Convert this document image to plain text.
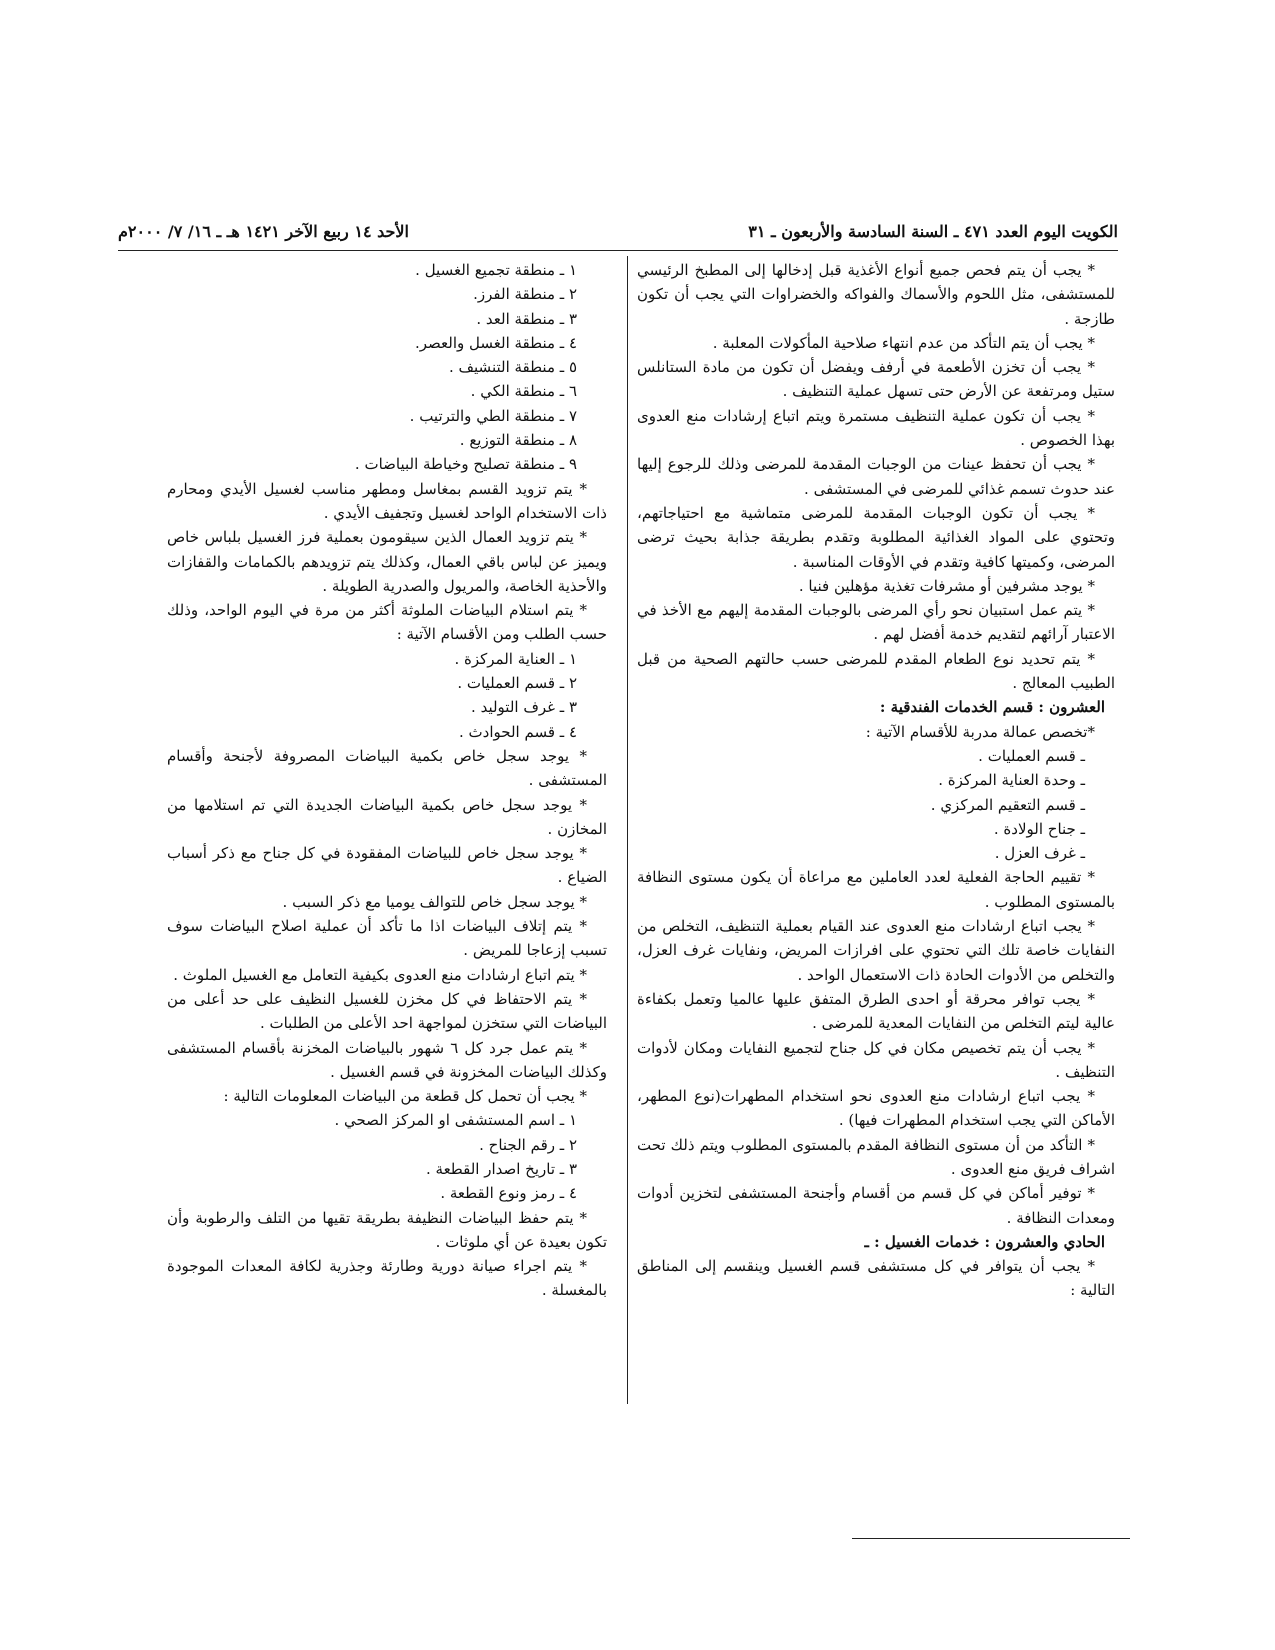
الكويت اليوم العدد ٤٧١ ـ السنة السادسة والأربعون ـ ٣١
الأحد ١٤ ربيع الآخر ١٤٢١ هـ ـ ١٦/ ٧/ ٢٠٠٠م

* يجب أن يتم فحص جميع أنواع الأغذية قبل إدخالها إلى المطبخ الرئيسي للمستشفى، مثل اللحوم والأسماك والفواكه والخضراوات التي يجب أن تكون طازجة .

* يجب أن يتم التأكد من عدم انتهاء صلاحية المأكولات المعلبة .

* يجب أن تخزن الأطعمة في أرفف ويفضل أن تكون من مادة الستانلس ستيل ومرتفعة عن الأرض حتى تسهل عملية التنظيف .

* يجب أن تكون عملية التنظيف مستمرة ويتم اتباع إرشادات منع العدوى بهذا الخصوص .

* يجب أن تحفظ عينات من الوجبات المقدمة للمرضى وذلك للرجوع إليها عند حدوث تسمم غذائي للمرضى في المستشفى .

* يجب أن تكون الوجبات المقدمة للمرضى متماشية مع احتياجاتهم، وتحتوي على المواد الغذائية المطلوبة وتقدم بطريقة جذابة بحيث ترضى المرضى، وكميتها كافية وتقدم في الأوقات المناسبة .

* يوجد مشرفين أو مشرفات تغذية مؤهلين فنيا .

* يتم عمل استبيان نحو رأي المرضى بالوجبات المقدمة إليهم مع الأخذ في الاعتبار آرائهم لتقديم خدمة أفضل لهم .

* يتم تحديد نوع الطعام المقدم للمرضى حسب حالتهم الصحية من قبل الطبيب المعالج .

العشرون : قسم الخدمات الفندقية :

*تخصص عمالة مدربة للأقسام الآتية :

ـ قسم العمليات .

ـ وحدة العناية المركزة .

ـ قسم التعقيم المركزي .

ـ جناح الولادة .

ـ غرف العزل .

* تقييم الحاجة الفعلية لعدد العاملين مع مراعاة أن يكون مستوى النظافة بالمستوى المطلوب .

* يجب اتباع ارشادات منع العدوى عند القيام بعملية التنظيف، التخلص من النفايات خاصة تلك التي تحتوي على افرازات المريض، ونفايات غرف العزل، والتخلص من الأدوات الحادة ذات الاستعمال الواحد .

* يجب توافر محرقة أو احدى الطرق المتفق عليها عالميا وتعمل بكفاءة عالية ليتم التخلص من النفايات المعدية للمرضى .

* يجب أن يتم تخصيص مكان في كل جناح لتجميع النفايات ومكان لأدوات التنظيف .

* يجب اتباع ارشادات منع العدوى نحو استخدام المطهرات(نوع المطهر، الأماكن التي يجب استخدام المطهرات فيها) .

* التأكد من أن مستوى النظافة المقدم بالمستوى المطلوب ويتم ذلك تحت اشراف فريق منع العدوى .

* توفير أماكن في كل قسم من أقسام وأجنحة المستشفى لتخزين أدوات ومعدات النظافة .

الحادي والعشرون : خدمات الغسيل : ـ

* يجب أن يتوافر في كل مستشفى قسم الغسيل وينقسم إلى المناطق التالية :

١ ـ منطقة تجميع الغسيل .

٢ ـ منطقة الفرز.

٣ ـ منطقة العد .

٤ ـ منطقة الغسل والعصر.

٥ ـ منطقة التنشيف .

٦ ـ منطقة الكي .

٧ ـ منطقة الطي والترتيب .

٨ ـ منطقة التوزيع .

٩ ـ منطقة تصليح وخياطة البياضات .

* يتم تزويد القسم بمغاسل ومطهر مناسب لغسيل الأيدي ومحارم ذات الاستخدام الواحد لغسيل وتجفيف الأيدي .

* يتم تزويد العمال الذين سيقومون بعملية فرز الغسيل بلباس خاص ويميز عن لباس باقي العمال، وكذلك يتم تزويدهم بالكمامات والقفازات والأحذية الخاصة، والمريول والصدرية الطويلة .

* يتم استلام البياضات الملوثة أكثر من مرة في اليوم الواحد، وذلك حسب الطلب ومن الأقسام الآتية :

١ ـ العناية المركزة .

٢ ـ قسم العمليات .

٣ ـ غرف التوليد .

٤ ـ قسم الحوادث .

* يوجد سجل خاص بكمية البياضات المصروفة لأجنحة وأقسام المستشفى .

* يوجد سجل خاص بكمية البياضات الجديدة التي تم استلامها من المخازن .

* يوجد سجل خاص للبياضات المفقودة في كل جناح مع ذكر أسباب الضياع .

* يوجد سجل خاص للتوالف يوميا مع ذكر السبب .

* يتم إتلاف البياضات اذا ما تأكد أن عملية اصلاح البياضات سوف تسبب إزعاجا للمريض .

* يتم اتباع ارشادات منع العدوى بكيفية التعامل مع الغسيل الملوث .

* يتم الاحتفاظ في كل مخزن للغسيل النظيف على حد أعلى من البياضات التي ستخزن لمواجهة احد الأعلى من الطلبات .

* يتم عمل جرد كل ٦ شهور بالبياضات المخزنة بأقسام المستشفى وكذلك البياضات المخزونة في قسم الغسيل .

* يجب أن تحمل كل قطعة من البياضات المعلومات التالية :

١ ـ اسم المستشفى او المركز الصحي .

٢ ـ رقم الجناح .

٣ ـ تاريخ اصدار القطعة .

٤ ـ رمز ونوع القطعة .

* يتم حفظ البياضات النظيفة بطريقة تقيها من التلف والرطوبة وأن تكون بعيدة عن أي ملوثات .

* يتم اجراء صيانة دورية وطارئة وجذرية لكافة المعدات الموجودة بالمغسلة .
